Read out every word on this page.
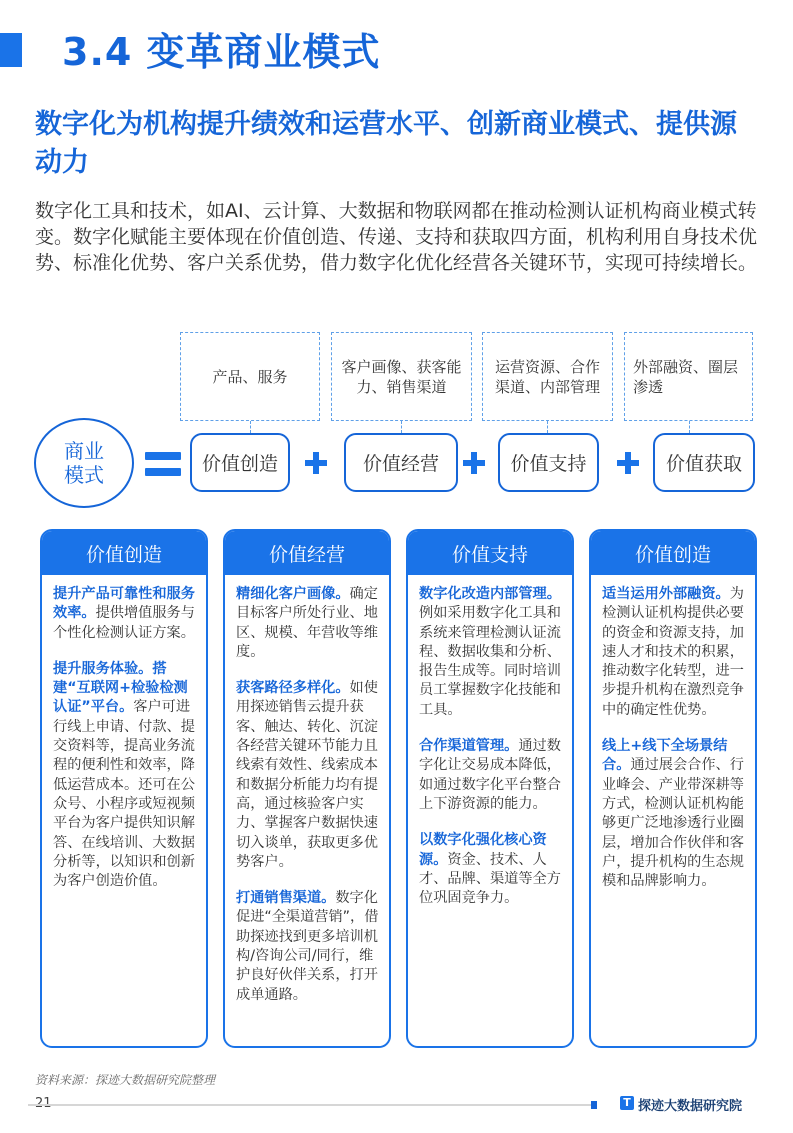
3.4 变革商业模式
数字化为机构提升绩效和运营水平、创新商业模式、提供源动力

数字化工具和技术，如AI、云计算、大数据和物联网都在推动检测认证机构商业模式转变。数字化赋能主要体现在价值创造、传递、支持和获取四方面，机构利用自身技术优势、标准化优势、客户关系优势，借力数字化优化经营各关键环节，实现可持续增长。

产品、服务
客户画像、获客能力、销售渠道
运营资源、合作渠道、内部管理
外部融资、圈层渗透
商业模式	价值创造	价值经营	价值支持	价值获取
价值创造

提升产品可靠性和服务效率。提供增值服务与个性化检测认证方案。

提升服务体验。搭建“互联网+检验检测认证”平台。客户可进行线上申请、付款、提交资料等，提高业务流程的便利性和效率，降低运营成本。还可在公众号、小程序或短视频平台为客户提供知识解答、在线培训、大数据分析等，以知识和创新为客户创造价值。

价值经营

精细化客户画像。确定目标客户所处行业、地区、规模、年营收等维度。

获客路径多样化。如使用探迹销售云提升获客、触达、转化、沉淀各经营关键环节能力且线索有效性、线索成本和数据分析能力均有提高，通过核验客户实力、掌握客户数据快速切入谈单，获取更多优势客户。

打通销售渠道。数字化促进“全渠道营销”，借助探迹找到更多培训机构/咨询公司/同行，维护良好伙伴关系，打开成单通路。

价值支持

数字化改造内部管理。例如采用数字化工具和系统来管理检测认证流程、数据收集和分析、报告生成等。同时培训员工掌握数字化技能和工具。

合作渠道管理。通过数字化让交易成本降低，如通过数字化平台整合上下游资源的能力。

以数字化强化核心资源。资金、技术、人才、品牌、渠道等全方位巩固竞争力。

价值创造

适当运用外部融资。为检测认证机构提供必要的资金和资源支持，加速人才和技术的积累，推动数字化转型，进一步提升机构在激烈竞争中的确定性优势。

线上+线下全场景结合。通过展会合作、行业峰会、产业带深耕等方式，检测认证机构能够更广泛地渗透行业圈层，增加合作伙伴和客户，提升机构的生态规模和品牌影响力。

资料来源：探迹大数据研究院整理
T 探迹大数据研究院
